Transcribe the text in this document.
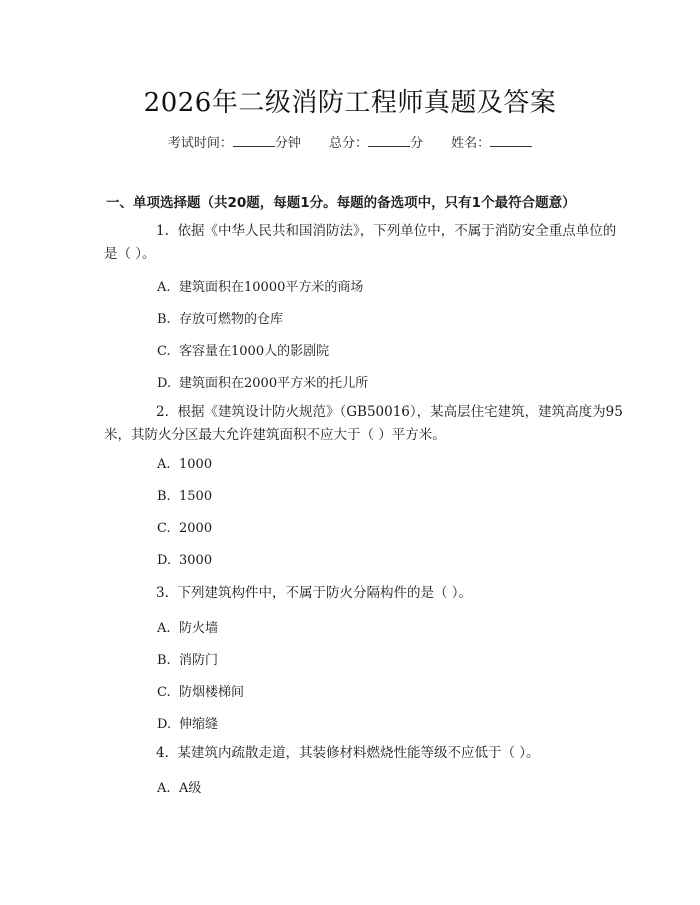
2026年二级消防工程师真题及答案
考试时间：	分钟 总分：	分 姓名：
一、单项选择题（共20题，每题1分。每题的备选项中，只有1个最符合题意）
1. 依据《中华人民共和国消防法》，下列单位中，不属于消防安全重点单位的是（ ）。
A. 建筑面积在10000平方米的商场
B. 存放可燃物的仓库
C. 客容量在1000人的影剧院
D. 建筑面积在2000平方米的托儿所
2. 根据《建筑设计防火规范》（GB50016），某高层住宅建筑，建筑高度为95米，其防火分区最大允许建筑面积不应大于（ ）平方米。
A. 1000
B. 1500
C. 2000
D. 3000
3. 下列建筑构件中，不属于防火分隔构件的是（ ）。
A. 防火墙
B. 消防门
C. 防烟楼梯间
D. 伸缩缝
4. 某建筑内疏散走道，其装修材料燃烧性能等级不应低于（ ）。
A. A级
